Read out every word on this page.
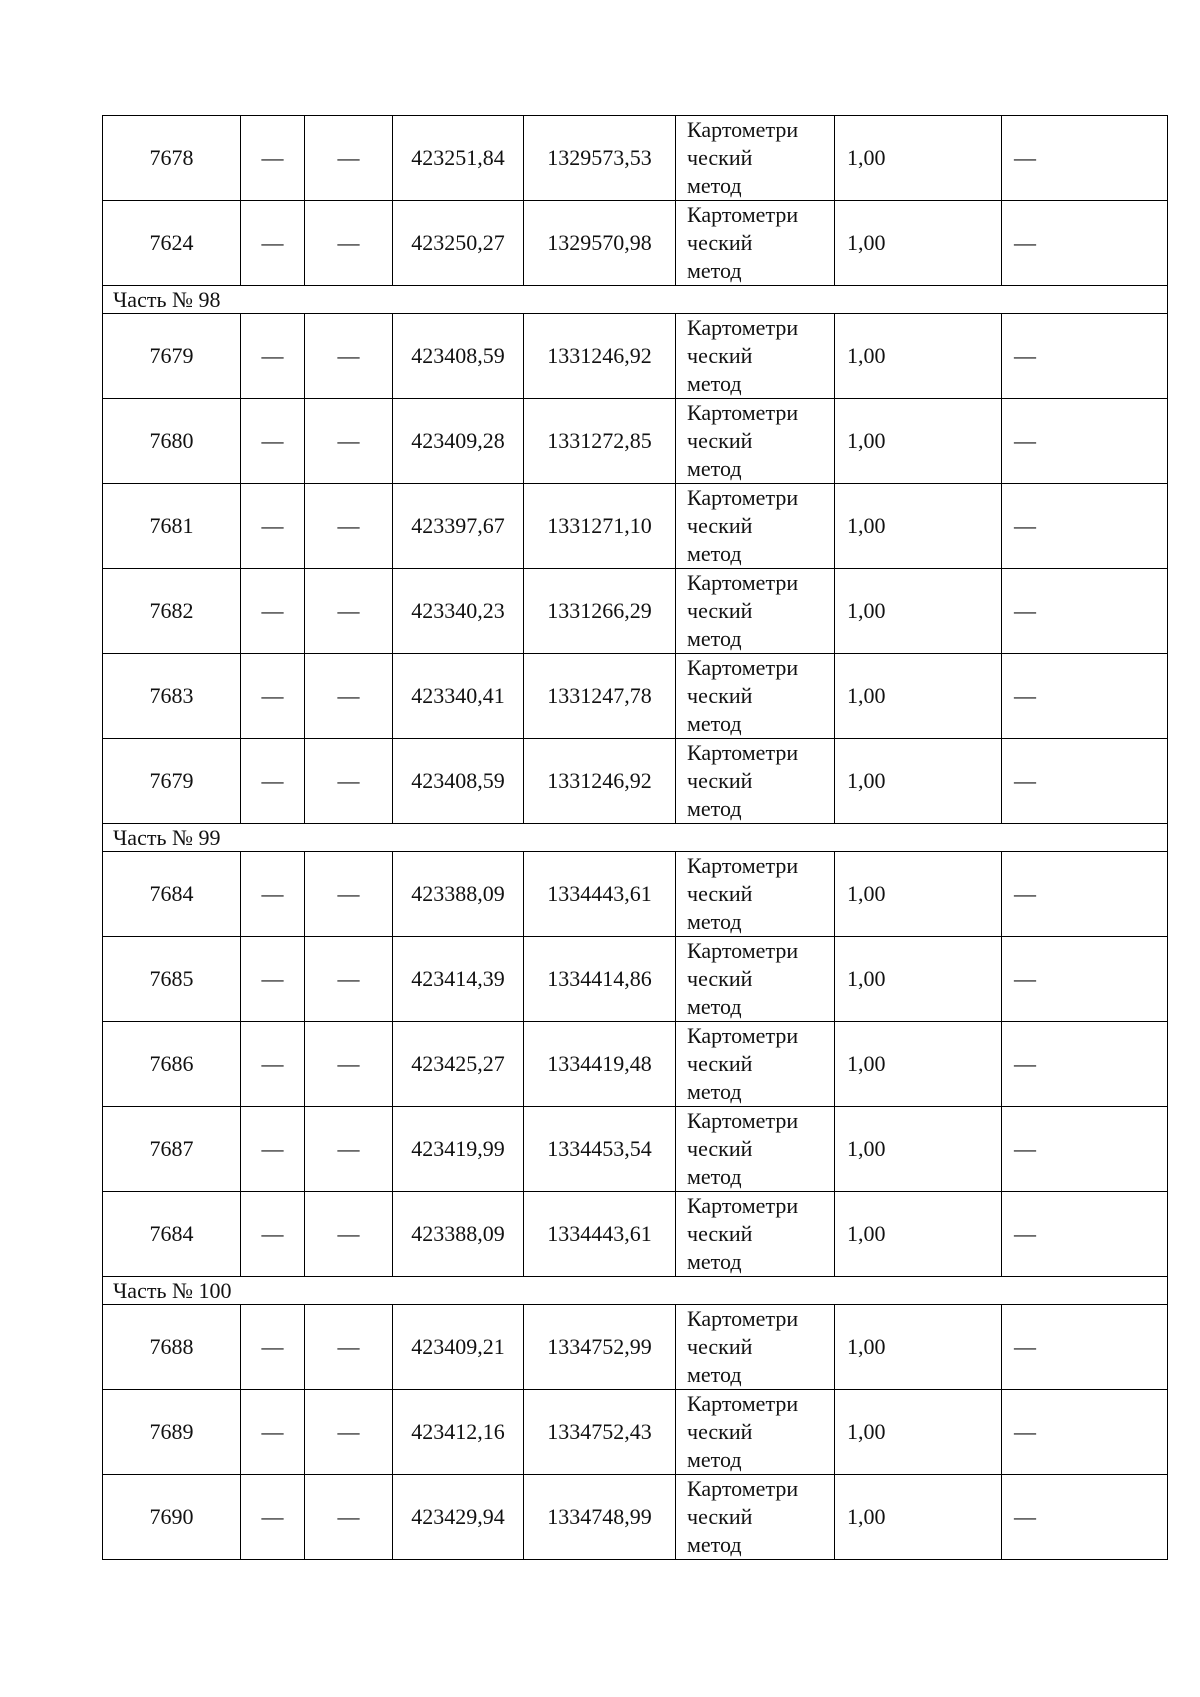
7678	—	—	423251,84	1329573,53	Картометри
ческий
метод	1,00	—
7624	—	—	423250,27	1329570,98	Картометри
ческий
метод	1,00	—
Часть № 98							
7679	—	—	423408,59	1331246,92	Картометри
ческий
метод	1,00	—
7680	—	—	423409,28	1331272,85	Картометри
ческий
метод	1,00	—
7681	—	—	423397,67	1331271,10	Картометри
ческий
метод	1,00	—
7682	—	—	423340,23	1331266,29	Картометри
ческий
метод	1,00	—
7683	—	—	423340,41	1331247,78	Картометри
ческий
метод	1,00	—
7679	—	—	423408,59	1331246,92	Картометри
ческий
метод	1,00	—
Часть № 99							
7684	—	—	423388,09	1334443,61	Картометри
ческий
метод	1,00	—
7685	—	—	423414,39	1334414,86	Картометри
ческий
метод	1,00	—
7686	—	—	423425,27	1334419,48	Картометри
ческий
метод	1,00	—
7687	—	—	423419,99	1334453,54	Картометри
ческий
метод	1,00	—
7684	—	—	423388,09	1334443,61	Картометри
ческий
метод	1,00	—
Часть № 100							
7688	—	—	423409,21	1334752,99	Картометри
ческий
метод	1,00	—
7689	—	—	423412,16	1334752,43	Картометри
ческий
метод	1,00	—
7690	—	—	423429,94	1334748,99	Картометри
ческий
метод	1,00	—
